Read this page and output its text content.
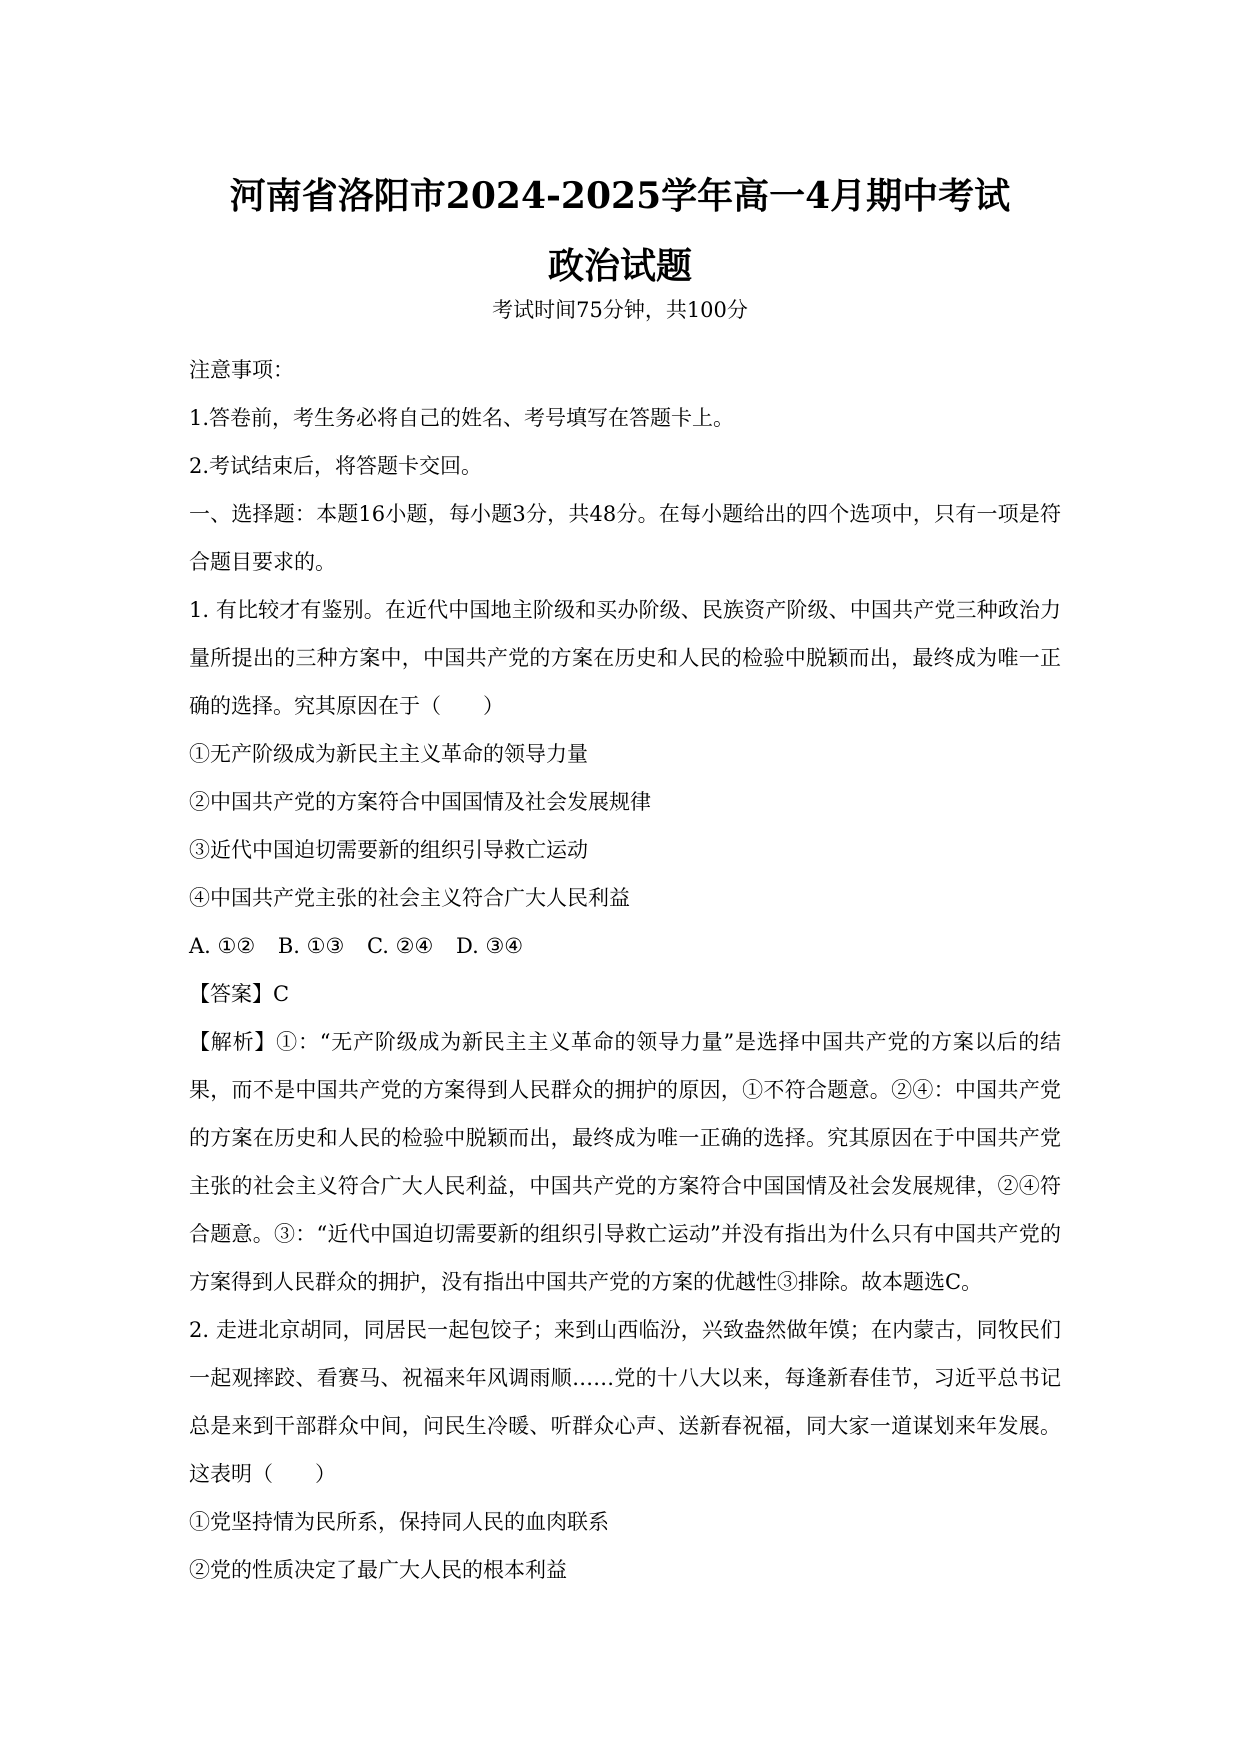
河南省洛阳市2024-2025学年高一4月期中考试
政治试题
考试时间75分钟，共100分

注意事项：

1.答卷前，考生务必将自己的姓名、考号填写在答题卡上。

2.考试结束后，将答题卡交回。

一、选择题：本题16小题，每小题3分，共48分。在每小题给出的四个选项中，只有一项是符合题目要求的。

1. 有比较才有鉴别。在近代中国地主阶级和买办阶级、民族资产阶级、中国共产党三种政治力量所提出的三种方案中，中国共产党的方案在历史和人民的检验中脱颖而出，最终成为唯一正确的选择。究其原因在于（　　）

①无产阶级成为新民主主义革命的领导力量

②中国共产党的方案符合中国国情及社会发展规律

③近代中国迫切需要新的组织引导救亡运动

④中国共产党主张的社会主义符合广大人民利益

A. ①② B. ①③ C. ②④ D. ③④

【答案】C

【解析】①：“无产阶级成为新民主主义革命的领导力量”是选择中国共产党的方案以后的结果，而不是中国共产党的方案得到人民群众的拥护的原因，①不符合题意。②④：中国共产党的方案在历史和人民的检验中脱颖而出，最终成为唯一正确的选择。究其原因在于中国共产党主张的社会主义符合广大人民利益，中国共产党的方案符合中国国情及社会发展规律，②④符合题意。③：“近代中国迫切需要新的组织引导救亡运动”并没有指出为什么只有中国共产党的方案得到人民群众的拥护，没有指出中国共产党的方案的优越性③排除。故本题选C。

2. 走进北京胡同，同居民一起包饺子；来到山西临汾，兴致盎然做年馍；在内蒙古，同牧民们一起观摔跤、看赛马、祝福来年风调雨顺……党的十八大以来，每逢新春佳节，习近平总书记总是来到干部群众中间，问民生冷暖、听群众心声、送新春祝福，同大家一道谋划来年发展。这表明（　　）

①党坚持情为民所系，保持同人民的血肉联系

②党的性质决定了最广大人民的根本利益
